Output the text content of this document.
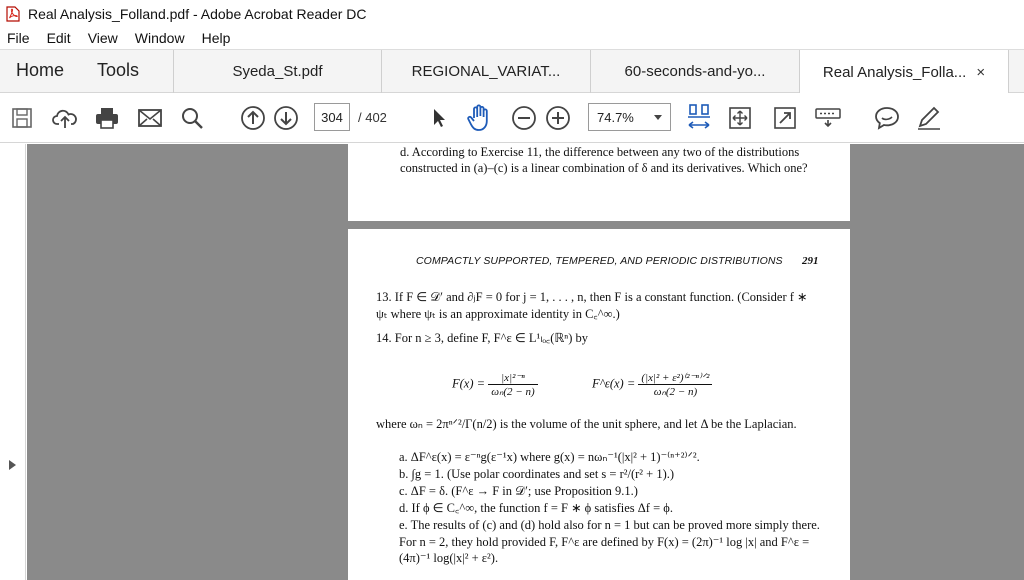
Real Analysis_Folland.pdf - Adobe Acrobat Reader DC
File Edit View Window Help
Home Tools	Syeda_St.pdf	REGIONAL_VARIAT...	60-seconds-and-yo...	Real Analysis_Folla... ×
304	/ 402	74.7%
d. According to Exercise 11, the difference between any two of the distributions constructed in (a)–(c) is a linear combination of δ and its derivatives. Which one?
COMPACTLY SUPPORTED, TEMPERED, AND PERIODIC DISTRIBUTIONS 291
13. If F ∈ 𝒟′ and ∂ⱼF = 0 for j = 1, . . . , n, then F is a constant function. (Consider f ∗ ψₜ where ψₜ is an approximate identity in C꜀^∞.)
14. For n ≥ 3, define F, F^ε ∈ L¹ₗₒ꜀(ℝⁿ) by
$F(x) = \frac{\text{|x|²⁻ⁿ}}{\text{ωₙ(2 − n)}}$	F^ε(x) = $\frac{\text{(|x|² + ε²)⁽²⁻ⁿ⁾ᐟ²}}{\text{ωₙ(2 − n)}}$
where ωₙ = 2πⁿᐟ²/Γ(n/2) is the volume of the unit sphere, and let Δ be the Laplacian.
a. ΔF^ε(x) = ε⁻ⁿg(ε⁻¹x) where g(x) = nωₙ⁻¹(|x|² + 1)⁻⁽ⁿ⁺²⁾ᐟ².
b. ∫g = 1. (Use polar coordinates and set s = r²/(r² + 1).)
c. ΔF = δ. (F^ε → F in 𝒟′; use Proposition 9.1.)
d. If ϕ ∈ C꜀^∞, the function f = F ∗ ϕ satisfies Δf = ϕ.
e. The results of (c) and (d) hold also for n = 1 but can be proved more simply there. For n = 2, they hold provided F, F^ε are defined by F(x) = (2π)⁻¹ log |x| and F^ε = (4π)⁻¹ log(|x|² + ε²).
